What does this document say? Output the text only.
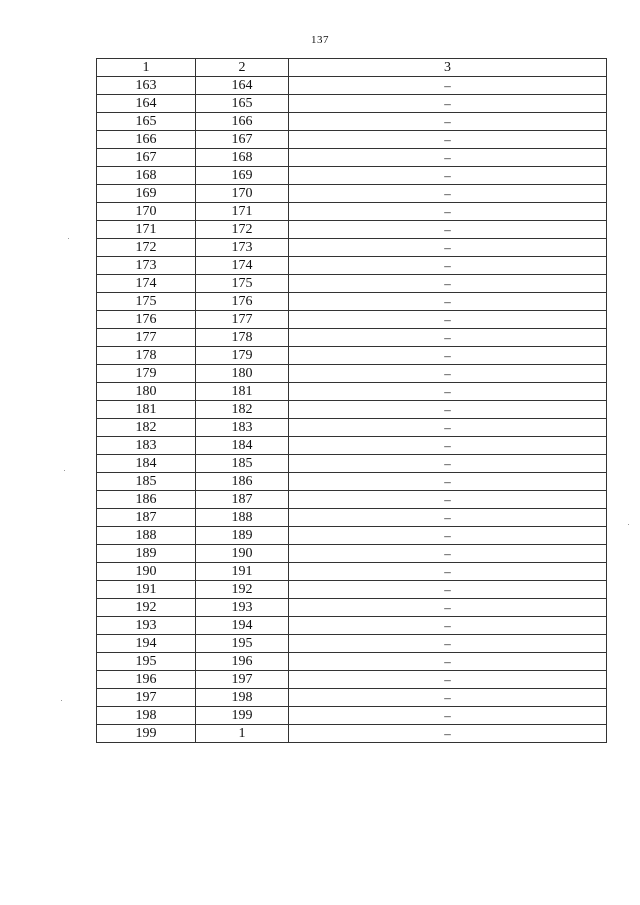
137
1	2	3
163	164	–
164	165	–
165	166	–
166	167	–
167	168	–
168	169	–
169	170	–
170	171	–
171	172	–
172	173	–
173	174	–
174	175	–
175	176	–
176	177	–
177	178	–
178	179	–
179	180	–
180	181	–
181	182	–
182	183	–
183	184	–
184	185	–
185	186	–
186	187	–
187	188	–
188	189	–
189	190	–
190	191	–
191	192	–
192	193	–
193	194	–
194	195	–
195	196	–
196	197	–
197	198	–
198	199	–
199	1	–
